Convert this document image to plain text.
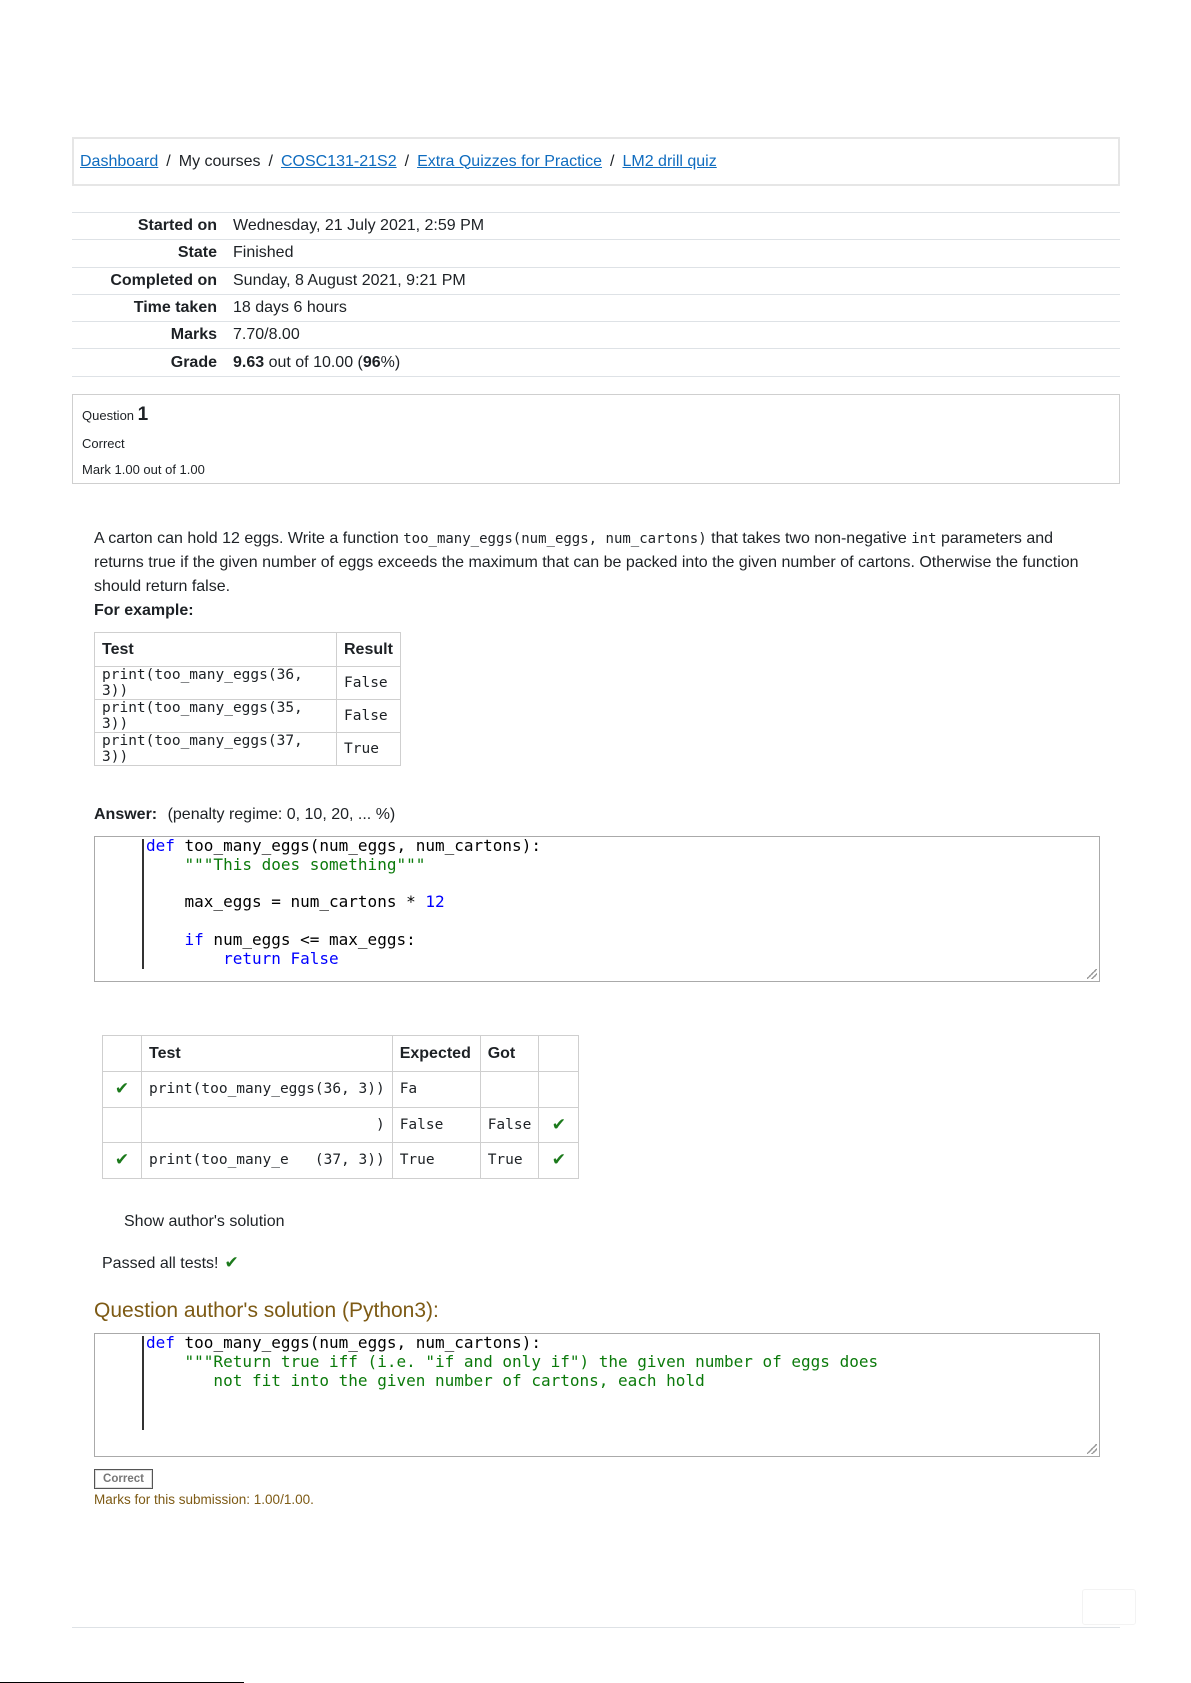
Dashboard / My courses / COSC131-21S2 / Extra Quizzes for Practice / LM2 drill quiz
Started on	Wednesday, 21 July 2021, 2:59 PM
State	Finished
Completed on	Sunday, 8 August 2021, 9:21 PM
Time taken	18 days 6 hours
Marks	7.70/8.00
Grade	9.63 out of 10.00 (96%)
Question 1
Correct
Mark 1.00 out of 1.00
A carton can hold 12 eggs. Write a function too_many_eggs(num_eggs, num_cartons) that takes two non-negative int parameters and returns true if the given number of eggs exceeds the maximum that can be packed into the given number of cartons. Otherwise the function should return false.
For example:
Test	Result
print(too_many_eggs(36, 3))	False
print(too_many_eggs(35, 3))	False
print(too_many_eggs(37, 3))	True
Answer: (penalty regime: 0, 10, 20, ... %)
def too_many_eggs(num_eggs, num_cartons):
"""This does something"""

max_eggs = num_cartons * 12

if num_eggs <= max_eggs:
return False
	Test	Expected	Got	
✔	print(too_many_eggs(36, 3))	Fa		
	)	False	False	✔
✔	print(too_many_e   (37, 3))	True	True	✔
Show author's solution
Passed all tests! ✔
Question author's solution (Python3):
def too_many_eggs(num_eggs, num_cartons):
"""Return true iff (i.e. "if and only if") the given number of eggs does
not fit into the given number of cartons, each hold
Correct
Marks for this submission: 1.00/1.00.
